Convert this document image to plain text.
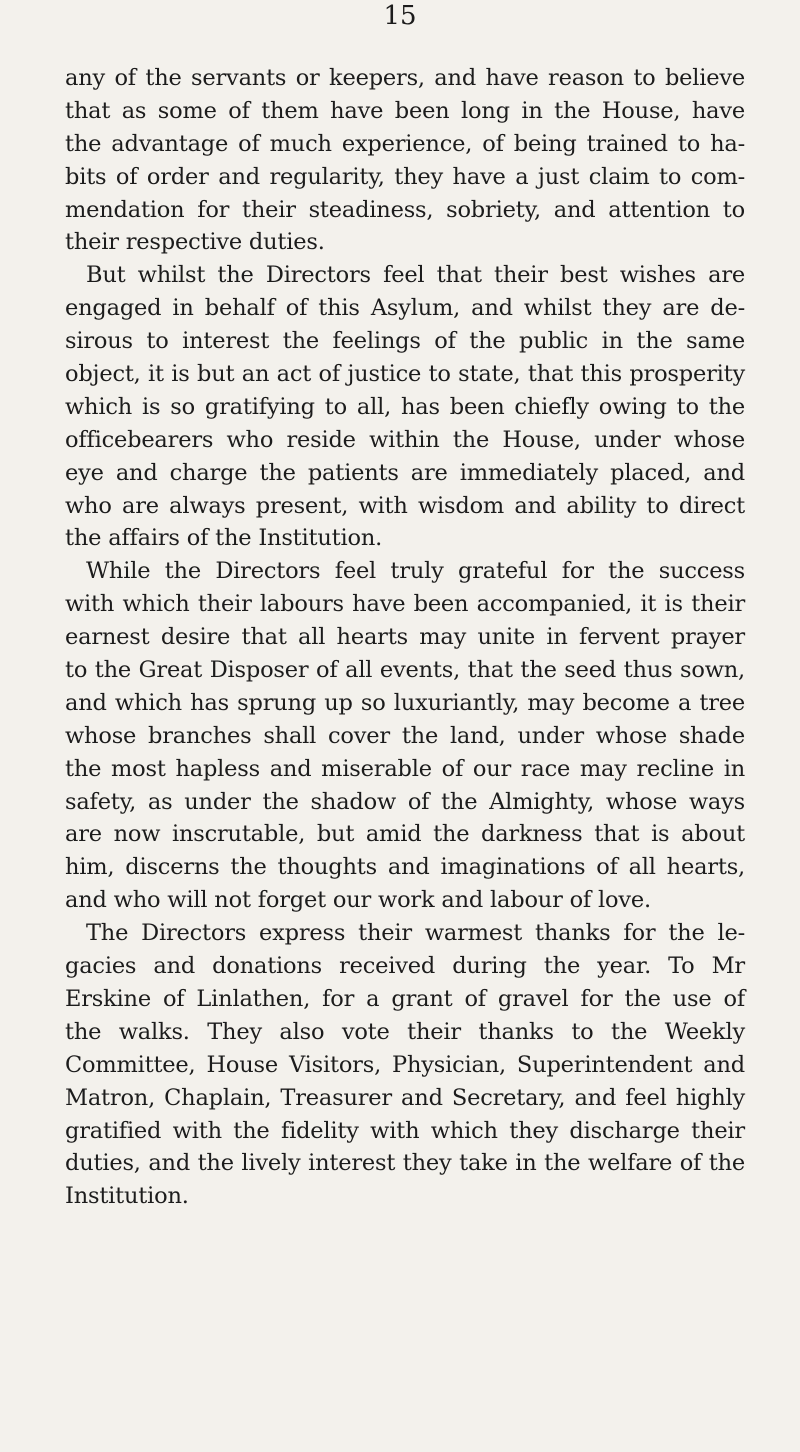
15
any of the servants or keepers, and have reason to believe
that as some of them have been long in the House, have
the advantage of much experience, of being trained to ha-
bits of order and regularity, they have a just claim to com-
mendation for their steadiness, sobriety, and attention to
their respective duties.
But whilst the Directors feel that their best wishes are
engaged in behalf of this Asylum, and whilst they are de-
sirous to interest the feelings of the public in the same
object, it is but an act of justice to state, that this prosperity
which is so gratifying to all, has been chiefly owing to the
officebearers who reside within the House, under whose
eye and charge the patients are immediately placed, and
who are always present, with wisdom and ability to direct
the affairs of the Institution.
While the Directors feel truly grateful for the success
with which their labours have been accompanied, it is their
earnest desire that all hearts may unite in fervent prayer
to the Great Disposer of all events, that the seed thus sown,
and which has sprung up so luxuriantly, may become a tree
whose branches shall cover the land, under whose shade
the most hapless and miserable of our race may recline in
safety, as under the shadow of the Almighty, whose ways
are now inscrutable, but amid the darkness that is about
him, discerns the thoughts and imaginations of all hearts,
and who will not forget our work and labour of love.
The Directors express their warmest thanks for the le-
gacies and donations received during the year. To Mr
Erskine of Linlathen, for a grant of gravel for the use of
the walks. They also vote their thanks to the Weekly
Committee, House Visitors, Physician, Superintendent and
Matron, Chaplain, Treasurer and Secretary, and feel highly
gratified with the fidelity with which they discharge their
duties, and the lively interest they take in the welfare of the
Institution.
